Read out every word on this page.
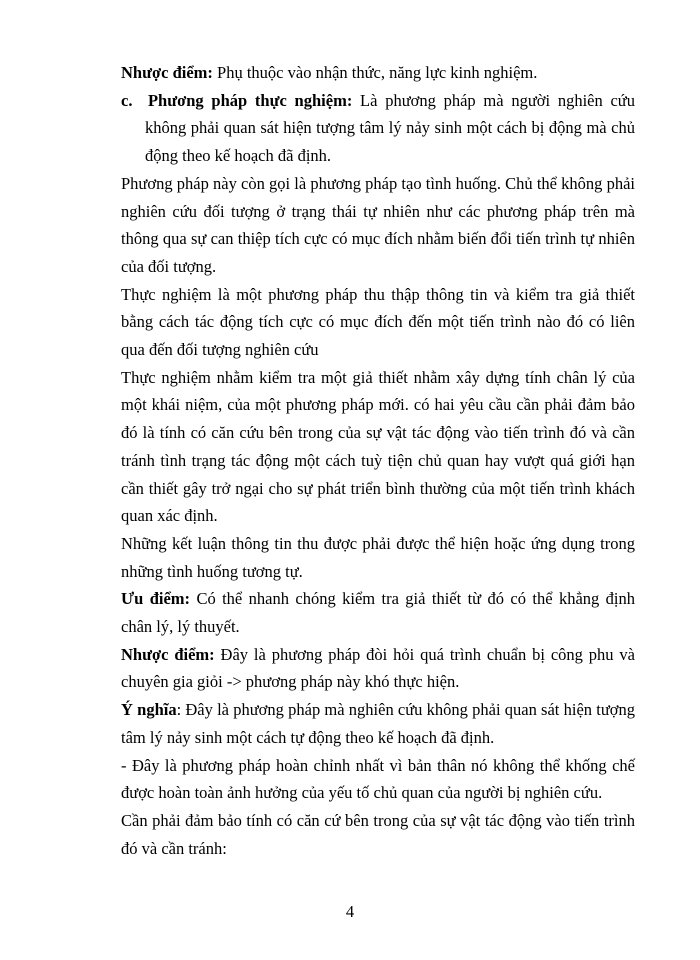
Nhược điểm: Phụ thuộc vào nhận thức, năng lực kinh nghiệm.

c. Phương pháp thực nghiệm: Là phương pháp mà người nghiên cứu không phải quan sát hiện tượng tâm lý nảy sinh một cách bị động mà chủ động theo kế hoạch đã định.

Phương pháp này còn gọi là phương pháp tạo tình huống. Chủ thể không phải nghiên cứu đối tượng ở trạng thái tự nhiên như các phương pháp trên mà thông qua sự can thiệp tích cực có mục đích nhằm biến đổi tiến trình tự nhiên của đối tượng.

Thực nghiệm là một phương pháp thu thập thông tin và kiểm tra giả thiết bằng cách tác động tích cực có mục đích đến một tiến trình nào đó có liên qua đến đối tượng nghiên cứu

Thực nghiệm nhằm kiểm tra một giả thiết nhằm xây dựng tính chân lý của một khái niệm, của một phương pháp mới. có hai yêu cầu cần phải đảm bảo đó là tính có căn cứu bên trong của sự vật tác động vào tiến trình đó và cần tránh tình trạng tác động một cách tuỳ tiện chủ quan hay vượt quá giới hạn cần thiết gây trở ngại cho sự phát triển bình thường của một tiến trình khách quan xác định.

Những kết luận thông tin thu được phải được thể hiện hoặc ứng dụng trong những tình huống tương tự.

Ưu điểm: Có thể nhanh chóng kiểm tra giả thiết từ đó có thể khẳng định chân lý, lý thuyết.

Nhược điểm: Đây là phương pháp đòi hỏi quá trình chuẩn bị công phu và chuyên gia giỏi -> phương pháp này khó thực hiện.

Ý nghĩa: Đây là phương pháp mà nghiên cứu không phải quan sát hiện tượng tâm lý nảy sinh một cách tự động theo kế hoạch đã định.

- Đây là phương pháp hoàn chỉnh nhất vì bản thân nó không thể khống chế được hoàn toàn ảnh hưởng của yếu tố chủ quan của người bị nghiên cứu.

Cần phải đảm bảo tính có căn cứ bên trong của sự vật tác động vào tiến trình đó và cần tránh:

4
